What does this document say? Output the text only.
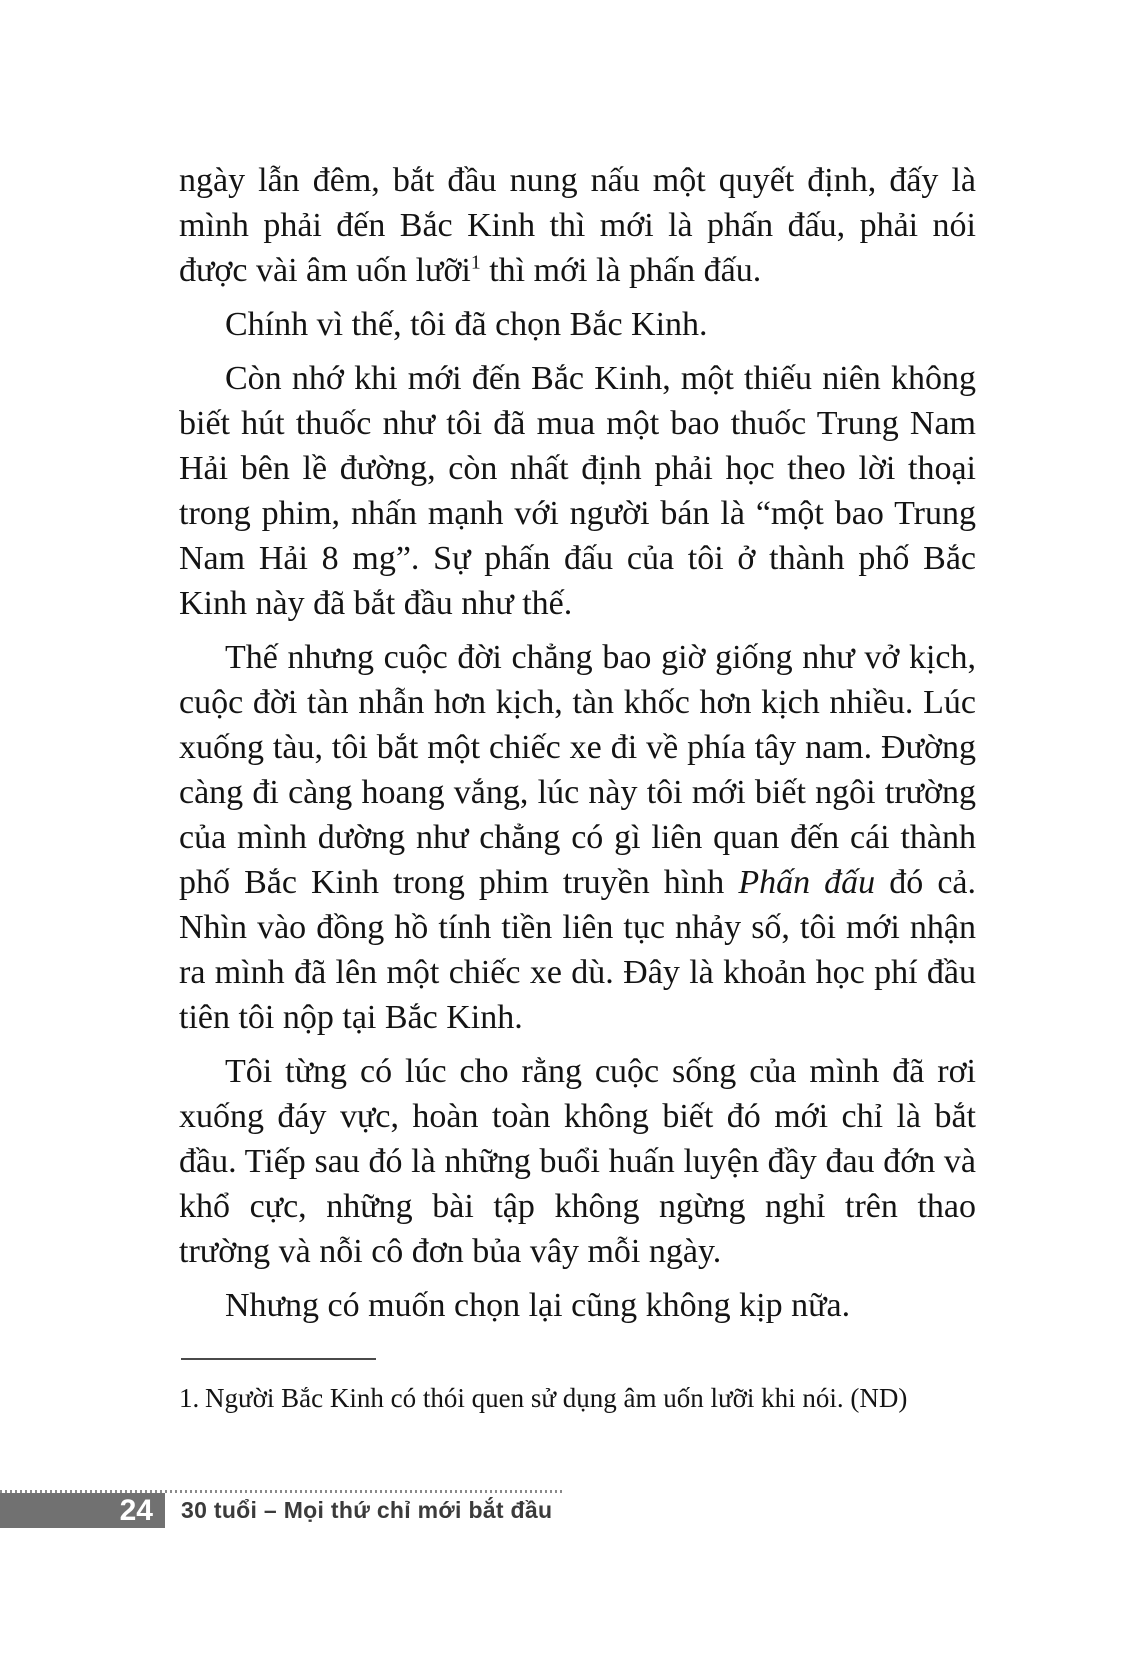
ngày lẫn đêm, bắt đầu nung nấu một quyết định, đấy là mình phải đến Bắc Kinh thì mới là phấn đấu, phải nói được vài âm uốn lưỡi$^1$ thì mới là phấn đấu.

Chính vì thế, tôi đã chọn Bắc Kinh.

Còn nhớ khi mới đến Bắc Kinh, một thiếu niên không biết hút thuốc như tôi đã mua một bao thuốc Trung Nam Hải bên lề đường, còn nhất định phải học theo lời thoại trong phim, nhấn mạnh với người bán là “một bao Trung Nam Hải 8 mg”. Sự phấn đấu của tôi ở thành phố Bắc Kinh này đã bắt đầu như thế.

Thế nhưng cuộc đời chẳng bao giờ giống như vở kịch, cuộc đời tàn nhẫn hơn kịch, tàn khốc hơn kịch nhiều. Lúc xuống tàu, tôi bắt một chiếc xe đi về phía tây nam. Đường càng đi càng hoang vắng, lúc này tôi mới biết ngôi trường của mình dường như chẳng có gì liên quan đến cái thành phố Bắc Kinh trong phim truyền hình Phấn đấu đó cả. Nhìn vào đồng hồ tính tiền liên tục nhảy số, tôi mới nhận ra mình đã lên một chiếc xe dù. Đây là khoản học phí đầu tiên tôi nộp tại Bắc Kinh.

Tôi từng có lúc cho rằng cuộc sống của mình đã rơi xuống đáy vực, hoàn toàn không biết đó mới chỉ là bắt đầu. Tiếp sau đó là những buổi huấn luyện đầy đau đớn và khổ cực, những bài tập không ngừng nghỉ trên thao trường và nỗi cô đơn bủa vây mỗi ngày.

Nhưng có muốn chọn lại cũng không kịp nữa.

1. Người Bắc Kinh có thói quen sử dụng âm uốn lưỡi khi nói. (ND)
24 30 tuổi – Mọi thứ chỉ mới bắt đầu
